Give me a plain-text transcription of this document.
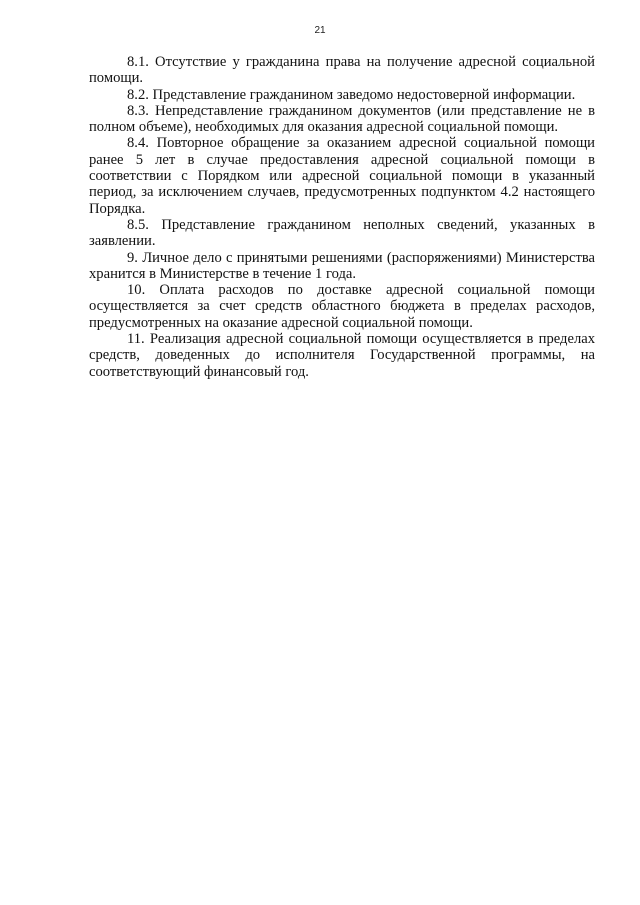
21

8.1. Отсутствие у гражданина права на получение адресной социальной помощи.

8.2. Представление гражданином заведомо недостоверной информации.

8.3. Непредставление гражданином документов (или представление не в полном объеме), необходимых для оказания адресной социальной помощи.

8.4. Повторное обращение за оказанием адресной социальной помощи ранее 5 лет в случае предоставления адресной социальной помощи в соответствии с Порядком или адресной социальной помощи в указанный период, за исключением случаев, предусмотренных подпунктом 4.2 настоящего Порядка.

8.5. Представление гражданином неполных сведений, указанных в заявлении.

9. Личное дело с принятыми решениями (распоряжениями) Министерства хранится в Министерстве в течение 1 года.

10. Оплата расходов по доставке адресной социальной помощи осуществляется за счет средств областного бюджета в пределах расходов, предусмотренных на оказание адресной социальной помощи.

11. Реализация адресной социальной помощи осуществляется в пределах средств, доведенных до исполнителя Государственной программы, на соответствующий финансовый год.
